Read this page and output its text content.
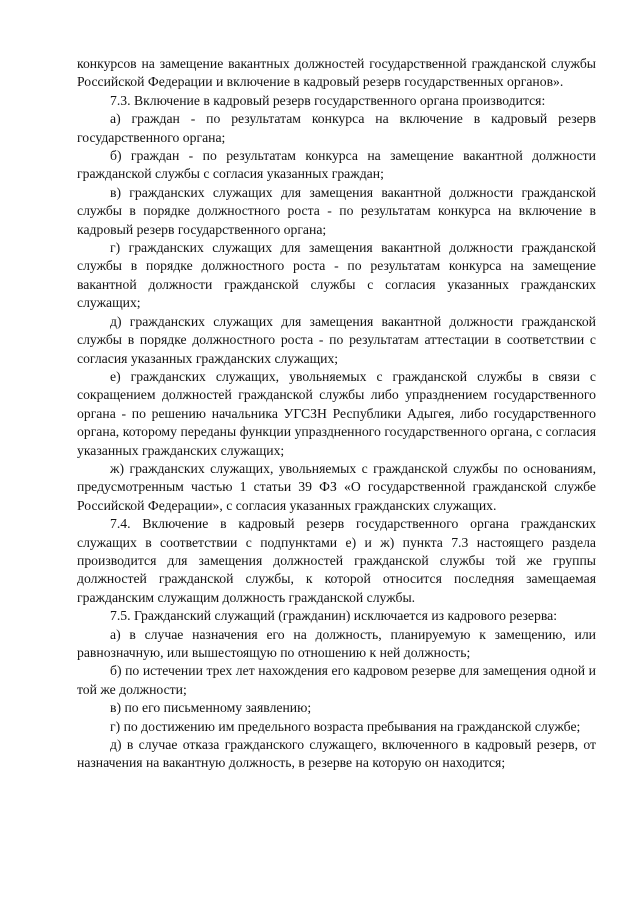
конкурсов на замещение вакантных должностей государственной гражданской службы Российской Федерации и включение в кадровый резерв государственных органов».

7.3. Включение в кадровый резерв государственного органа производится:

а) граждан - по результатам конкурса на включение в кадровый резерв государственного органа;

б) граждан - по результатам конкурса на замещение вакантной должности гражданской службы с согласия указанных граждан;

в) гражданских служащих для замещения вакантной должности гражданской службы в порядке должностного роста - по результатам конкурса на включение в кадровый резерв государственного органа;

г) гражданских служащих для замещения вакантной должности гражданской службы в порядке должностного роста - по результатам конкурса на замещение вакантной должности гражданской службы с согласия указанных гражданских служащих;

д) гражданских служащих для замещения вакантной должности гражданской службы в порядке должностного роста - по результатам аттестации в соответствии с согласия указанных гражданских служащих;

е) гражданских служащих, увольняемых с гражданской службы в связи с сокращением должностей гражданской службы либо упразднением государственного органа - по решению начальника УГСЗН Республики Адыгея, либо государственного органа, которому переданы функции упраздненного государственного органа, с согласия указанных гражданских служащих;

ж) гражданских служащих, увольняемых с гражданской службы по основаниям, предусмотренным частью 1 статьи 39 ФЗ «О государственной гражданской службе Российской Федерации», с согласия указанных гражданских служащих.

7.4. Включение в кадровый резерв государственного органа гражданских служащих в соответствии с подпунктами е) и ж) пункта 7.3 настоящего раздела производится для замещения должностей гражданской службы той же группы должностей гражданской службы, к которой относится последняя замещаемая гражданским служащим должность гражданской службы.

7.5. Гражданский служащий (гражданин) исключается из кадрового резерва:

а) в случае назначения его на должность, планируемую к замещению, или равнозначную, или вышестоящую по отношению к ней должность;

б) по истечении трех лет нахождения его кадровом резерве для замещения одной и той же должности;

в) по его письменному заявлению;

г) по достижению им предельного возраста пребывания на гражданской службе;

д) в случае отказа гражданского служащего, включенного в кадровый резерв, от назначения на вакантную должность, в резерве на которую он находится;
